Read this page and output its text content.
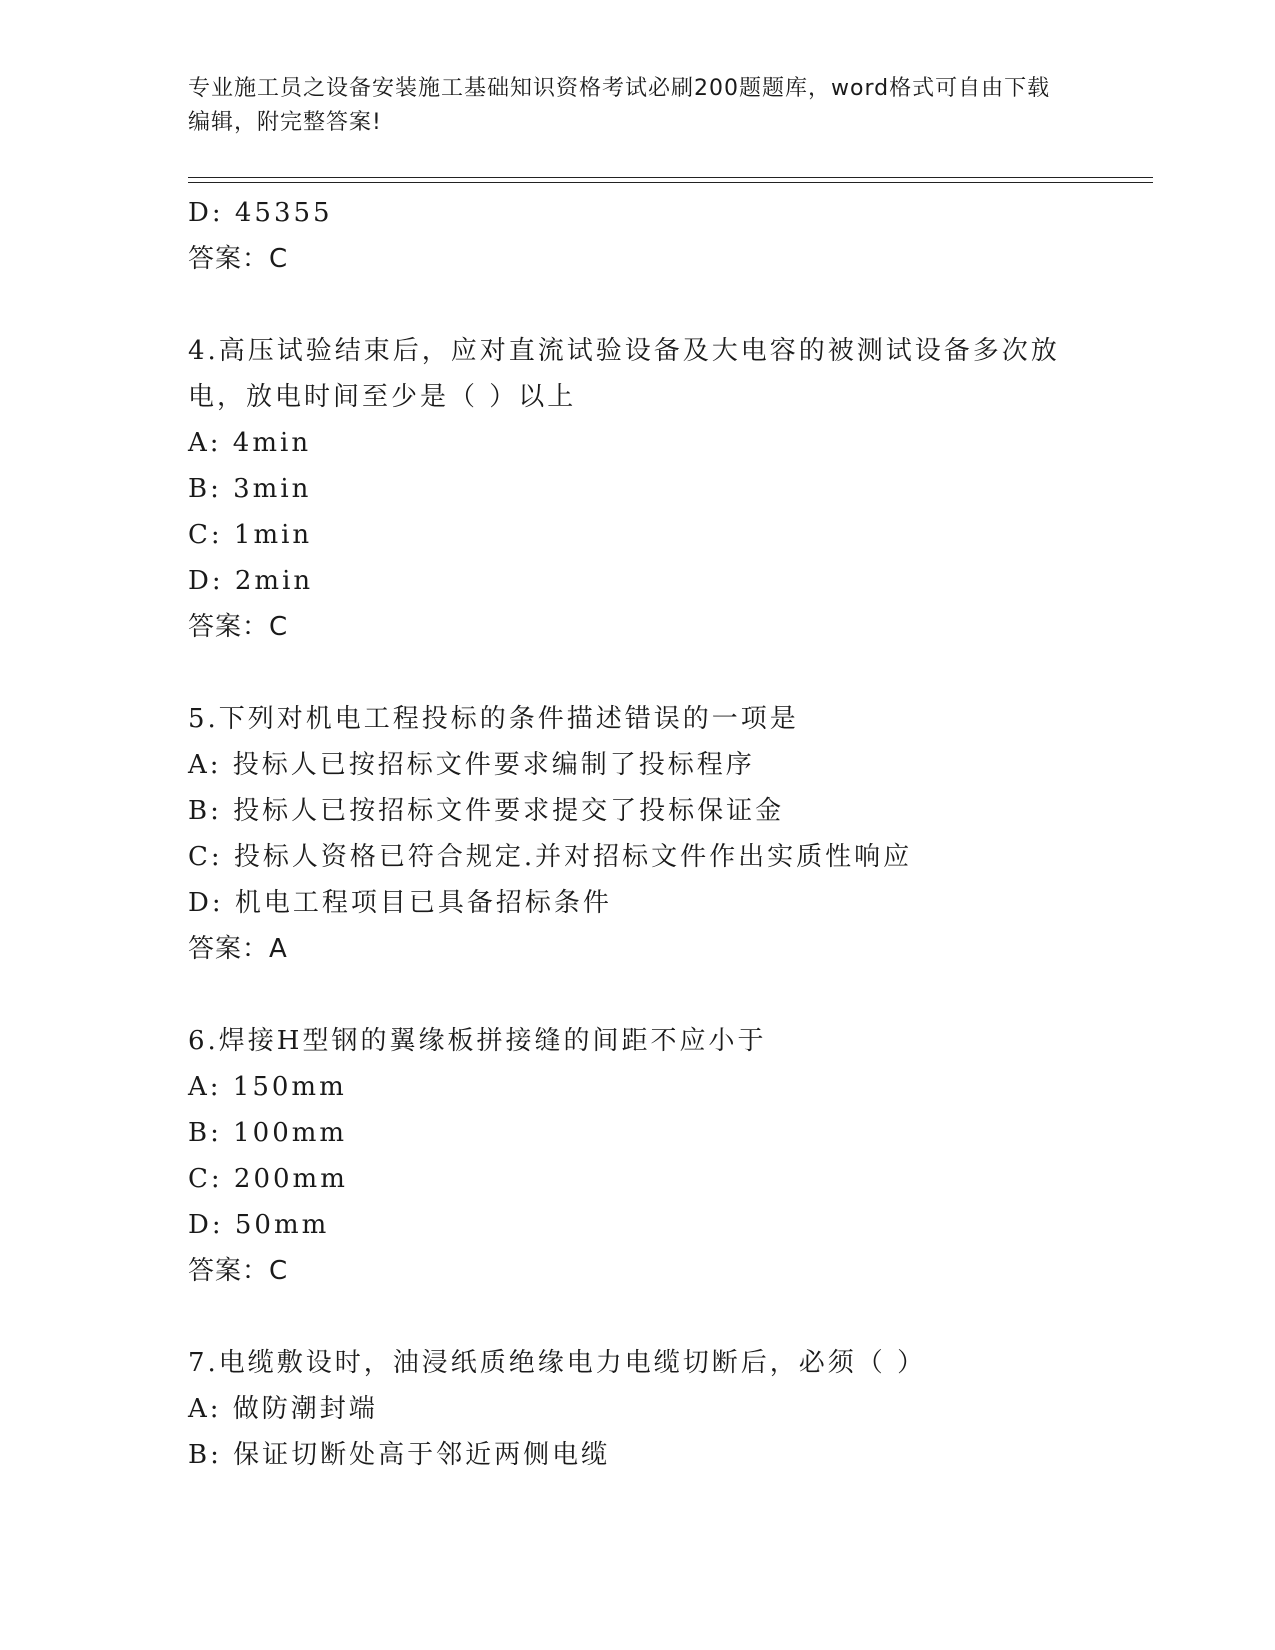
专业施工员之设备安装施工基础知识资格考试必刷200题题库，word格式可自由下载编辑，附完整答案!
D: 45355
答案：C
4.高压试验结束后，应对直流试验设备及大电容的被测试设备多次放电，放电时间至少是（ ）以上
A: 4min
B: 3min
C: 1min
D: 2min
答案：C
5.下列对机电工程投标的条件描述错误的一项是
A: 投标人已按招标文件要求编制了投标程序
B: 投标人已按招标文件要求提交了投标保证金
C: 投标人资格已符合规定.并对招标文件作出实质性响应
D: 机电工程项目已具备招标条件
答案：A
6.焊接H型钢的翼缘板拼接缝的间距不应小于
A: 150mm
B: 100mm
C: 200mm
D: 50mm
答案：C
7.电缆敷设时，油浸纸质绝缘电力电缆切断后，必须（ ）
A: 做防潮封端
B: 保证切断处高于邻近两侧电缆
